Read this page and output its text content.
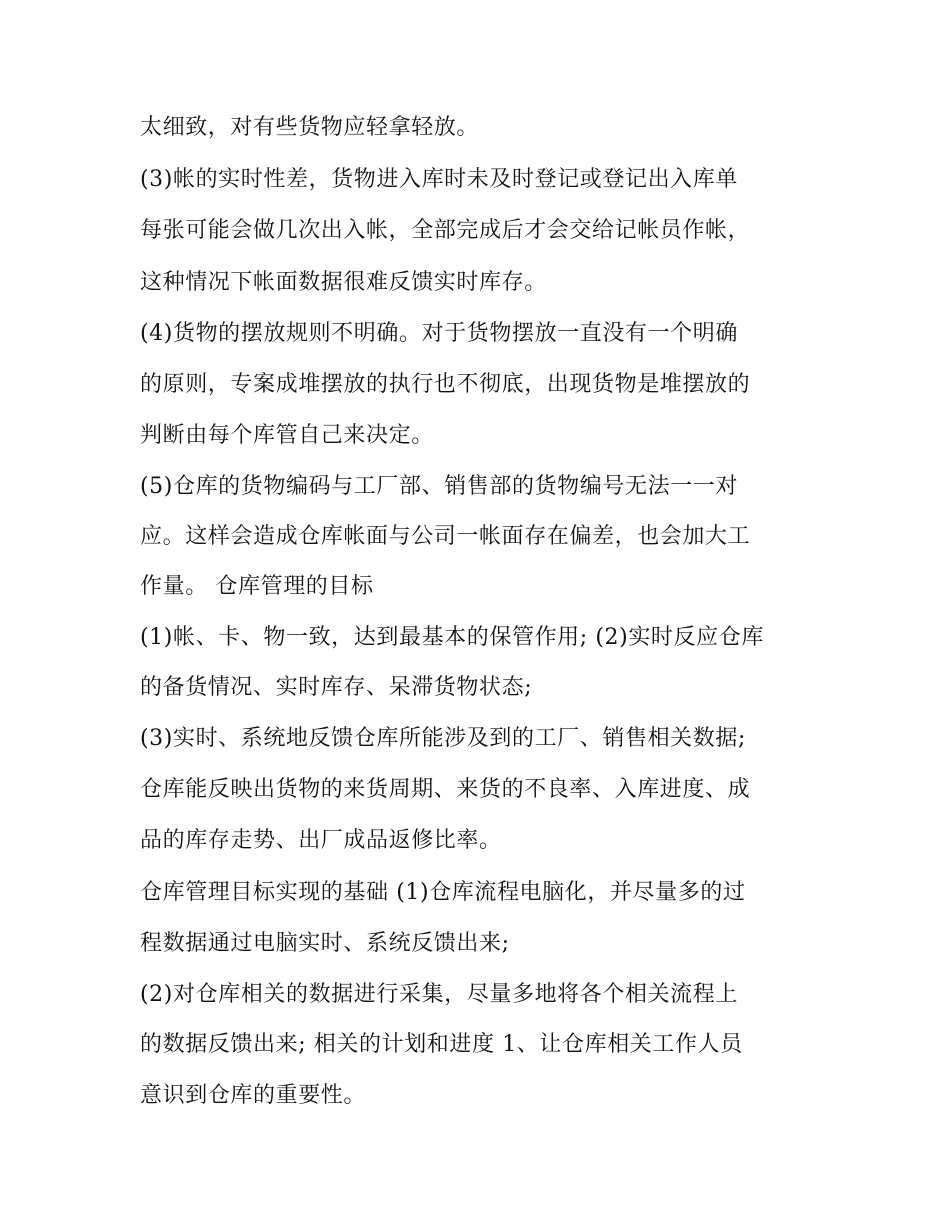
太细致，对有些货物应轻拿轻放。
(3)帐的实时性差，货物进入库时未及时登记或登记出入库单
每张可能会做几次出入帐，全部完成后才会交给记帐员作帐，
这种情况下帐面数据很难反馈实时库存。
(4)货物的摆放规则不明确。对于货物摆放一直没有一个明确
的原则，专案成堆摆放的执行也不彻底，出现货物是堆摆放的
判断由每个库管自己来决定。
(5)仓库的货物编码与工厂部、销售部的货物编号无法一一对
应。这样会造成仓库帐面与公司一帐面存在偏差，也会加大工
作量。 仓库管理的目标
(1)帐、卡、物一致，达到最基本的保管作用; (2)实时反应仓库
的备货情况、实时库存、呆滞货物状态;
(3)实时、系统地反馈仓库所能涉及到的工厂、销售相关数据;
仓库能反映出货物的来货周期、来货的不良率、入库进度、成
品的库存走势、出厂成品返修比率。
仓库管理目标实现的基础 (1)仓库流程电脑化，并尽量多的过
程数据通过电脑实时、系统反馈出来;
(2)对仓库相关的数据进行采集，尽量多地将各个相关流程上
的数据反馈出来; 相关的计划和进度 1、让仓库相关工作人员
意识到仓库的重要性。
